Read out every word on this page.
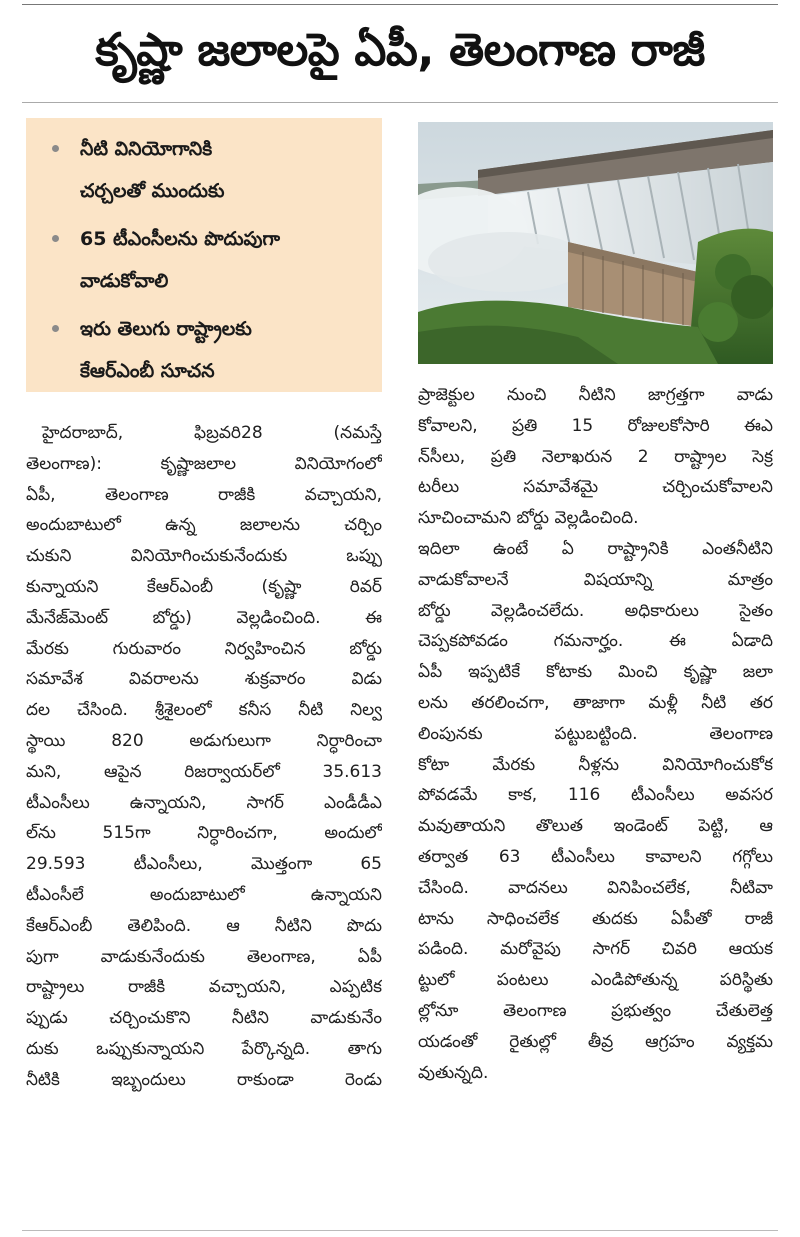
కృష్ణా జలాలపై ఏపీ, తెలంగాణ రాజీ
నీటి వినియోగానికి
చర్చలతో ముందుకు
65 టీఎంసీలను పొదుపుగా
వాడుకోవాలి
ఇరు తెలుగు రాష్ట్రాలకు
కేఆర్‌ఎంబీ సూచన
హైదరాబాద్, ఫిబ్రవరి28 (నమస్తే
తెలంగాణ): కృష్ణాజలాల వినియోగంలో
ఏపీ, తెలంగాణ రాజీకి వచ్చాయని,
అందుబాటులో ఉన్న జలాలను చర్చిం
చుకుని వినియోగించుకునేందుకు ఒప్పు
కున్నాయని కేఆర్‌ఎంబీ (కృష్ణా రివర్
మేనేజ్‌మెంట్ బోర్డు) వెల్లడించింది. ఈ
మేరకు గురువారం నిర్వహించిన బోర్డు
సమావేశ వివరాలను శుక్రవారం విడు
దల చేసింది. శ్రీశైలంలో కనీస నీటి నిల్వ
స్థాయి 820 అడుగులుగా నిర్ధారించా
మని, ఆపైన రిజర్వాయర్‌లో 35.613
టీఎంసీలు ఉన్నాయని, సాగర్ ఎండీడీఎ
ల్‌ను 515గా నిర్ధారించగా, అందులో
29.593 టీఎంసీలు, మొత్తంగా 65
టీఎంసీలే అందుబాటులో ఉన్నాయని
కేఆర్‌ఎంబీ తెలిపింది. ఆ నీటిని పొదు
పుగా వాడుకునేందుకు తెలంగాణ, ఏపీ
రాష్ట్రాలు రాజీకి వచ్చాయని, ఎప్పటిక
ప్పుడు చర్చించుకొని నీటిని వాడుకునేం
దుకు ఒప్పుకున్నాయని పేర్కొన్నది. తాగు
నీటికి ఇబ్బందులు రాకుండా రెండు
ప్రాజెక్టుల నుంచి నీటిని జాగ్రత్తగా వాడు
కోవాలని, ప్రతి 15 రోజులకోసారి ఈఎ
న్‌సీలు, ప్రతి నెలాఖరున 2 రాష్ట్రాల సెక్ర
టరీలు సమావేశమై చర్చించుకోవాలని
సూచించామని బోర్డు వెల్లడించింది.
ఇదిలా ఉంటే ఏ రాష్ట్రానికి ఎంతనీటిని
వాడుకోవాలనే విషయాన్ని మాత్రం
బోర్డు వెల్లడించలేదు. అధికారులు సైతం
చెప్పకపోవడం గమనార్హం. ఈ ఏడాది
ఏపీ ఇప్పటికే కోటాకు మించి కృష్ణా జలా
లను తరలించగా, తాజాగా మళ్లీ నీటి తర
లింపునకు పట్టుబట్టింది. తెలంగాణ
కోటా మేరకు నీళ్లను వినియోగించుకోక
పోవడమే కాక, 116 టీఎంసీలు అవసర
మవుతాయని తొలుత ఇండెంట్ పెట్టి, ఆ
తర్వాత 63 టీఎంసీలు కావాలని గగ్గోలు
చేసింది. వాదనలు వినిపించలేక, నీటివా
టాను సాధించలేక తుదకు ఏపీతో రాజీ
పడింది. మరోవైపు సాగర్ చివరి ఆయక
ట్టులో పంటలు ఎండిపోతున్న పరిస్థితు
ల్లోనూ తెలంగాణ ప్రభుత్వం చేతులెత్త
యడంతో రైతుల్లో తీవ్ర ఆగ్రహం వ్యక్తమ
వుతున్నది.
